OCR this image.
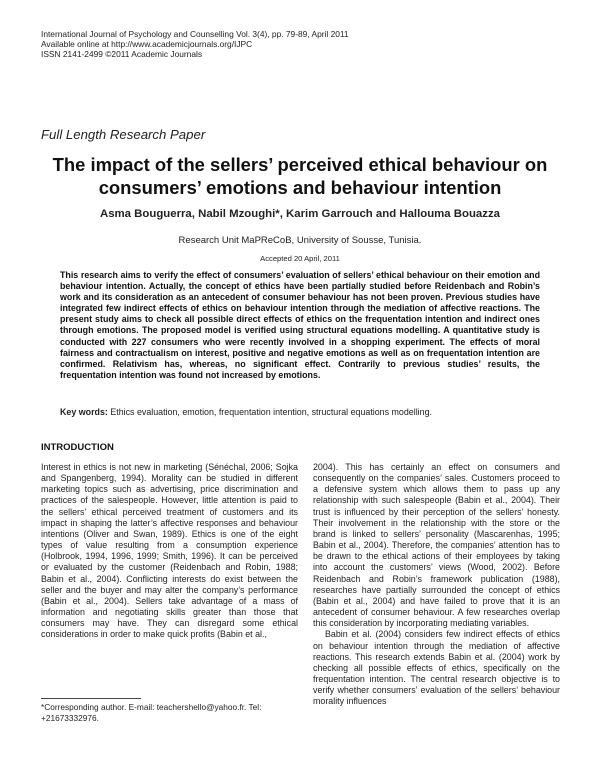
International Journal of Psychology and Counselling Vol. 3(4), pp. 79-89, April 2011
Available online at http://www.academicjournals.org/IJPC
ISSN 2141-2499 ©2011 Academic Journals
Full Length Research Paper
The impact of the sellers’ perceived ethical behaviour on consumers’ emotions and behaviour intention
Asma Bouguerra, Nabil Mzoughi*, Karim Garrouch and Hallouma Bouazza
Research Unit MaPReCoB, University of Sousse, Tunisia.
Accepted 20 April, 2011
This research aims to verify the effect of consumers’ evaluation of sellers’ ethical behaviour on their emotion and behaviour intention. Actually, the concept of ethics have been partially studied before Reidenbach and Robin’s work and its consideration as an antecedent of consumer behaviour has not been proven. Previous studies have integrated few indirect effects of ethics on behaviour intention through the mediation of affective reactions. The present study aims to check all possible direct effects of ethics on the frequentation intention and indirect ones through emotions. The proposed model is verified using structural equations modelling. A quantitative study is conducted with 227 consumers who were recently involved in a shopping experiment. The effects of moral fairness and contractualism on interest, positive and negative emotions as well as on frequentation intention are confirmed. Relativism has, whereas, no significant effect. Contrarily to previous studies’ results, the frequentation intention was found not increased by emotions.
Key words: Ethics evaluation, emotion, frequentation intention, structural equations modelling.
INTRODUCTION

Interest in ethics is not new in marketing (Sénéchal, 2006; Sojka and Spangenberg, 1994). Morality can be studied in different marketing topics such as advertising, price discrimination and practices of the salespeople. However, little attention is paid to the sellers’ ethical perceived treatment of customers and its impact in shaping the latter’s affective responses and behaviour intentions (Oliver and Swan, 1989). Ethics is one of the eight types of value resulting from a consumption experience (Holbrook, 1994, 1996, 1999; Smith, 1996). It can be perceived or evaluated by the customer (Reidenbach and Robin, 1988; Babin et al., 2004). Conflicting interests do exist between the seller and the buyer and may alter the company’s performance (Babin et al., 2004). Sellers take advantage of a mass of information and negotiating skills greater than those that consumers may have. They can disregard some ethical considerations in order to make quick profits (Babin et al.,

2004). This has certainly an effect on consumers and consequently on the companies’ sales. Customers proceed to a defensive system which allows them to pass up any relationship with such salespeople (Babin et al., 2004). Their trust is influenced by their perception of the sellers’ honesty. Their involvement in the relationship with the store or the brand is linked to sellers’ personality (Mascarenhas, 1995; Babin et al., 2004). Therefore, the companies’ attention has to be drawn to the ethical actions of their employees by taking into account the customers’ views (Wood, 2002). Before Reidenbach and Robin’s framework publication (1988), researches have partially surrounded the concept of ethics (Babin et al., 2004) and have failed to prove that it is an antecedent of consumer behaviour. A few researches overlap this consideration by incorporating mediating variables.

Babin et al. (2004) considers few indirect effects of ethics on behaviour intention through the mediation of affective reactions. This research extends Babin et al. (2004) work by checking all possible effects of ethics, specifically on the frequentation intention. The central research objective is to verify whether consumers’ evaluation of the sellers’ behaviour morality influences

*Corresponding author. E-mail: teachershello@yahoo.fr. Tel: +21673332976.
